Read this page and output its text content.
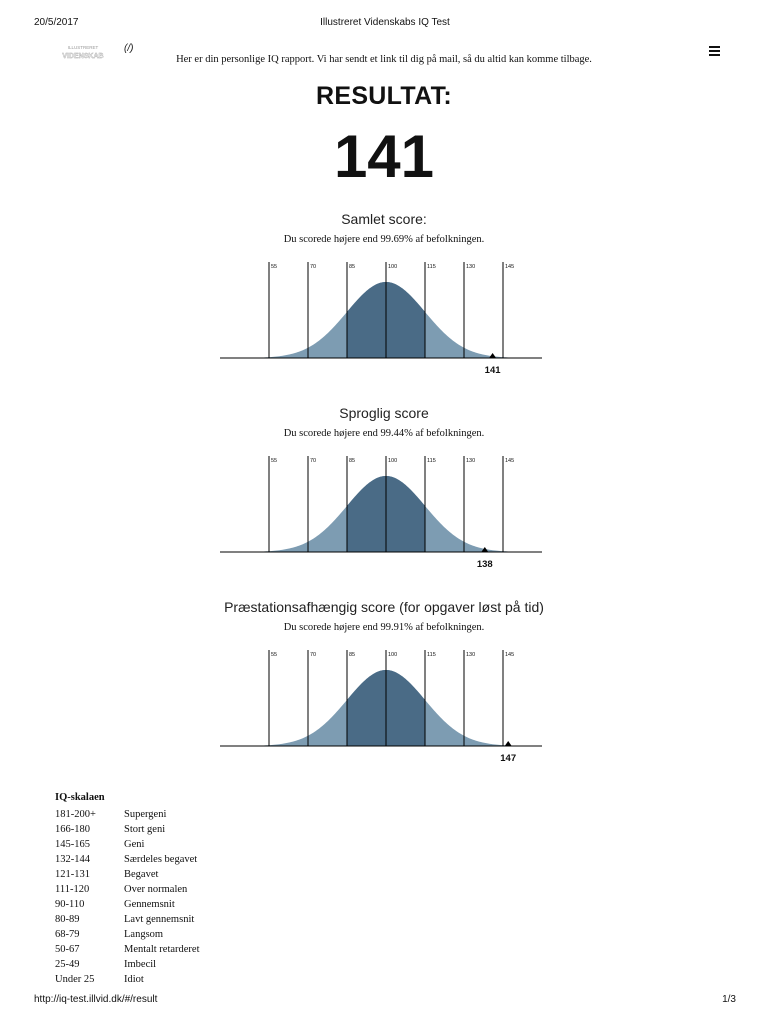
20/5/2017	Illustreret Videnskabs IQ Test
ILLUSTRERET
VIDENSKAB
(/)
Her er din personlige IQ rapport. Vi har sendt et link til dig på mail, så du altid kan komme tilbage.
RESULTAT:
141
Samlet score:
Du scorede højere end 99.69% af befolkningen.
55	70	85	100	115	130	145
141
Sproglig score
Du scorede højere end 99.44% af befolkningen.
55	70	85	100	115	130	145
138
Præstationsafhængig score (for opgaver løst på tid)
Du scorede højere end 99.91% af befolkningen.
55	70	85	100	115	130	145
147
IQ-skalaen
181-200+	Supergeni
166-180	Stort geni
145-165	Geni
132-144	Særdeles begavet
121-131	Begavet
111-120	Over normalen
90-110	Gennemsnit
80-89	Lavt gennemsnit
68-79	Langsom
50-67	Mentalt retarderet
25-49	Imbecil
Under 25	Idiot
http://iq-test.illvid.dk/#/result	1/3
